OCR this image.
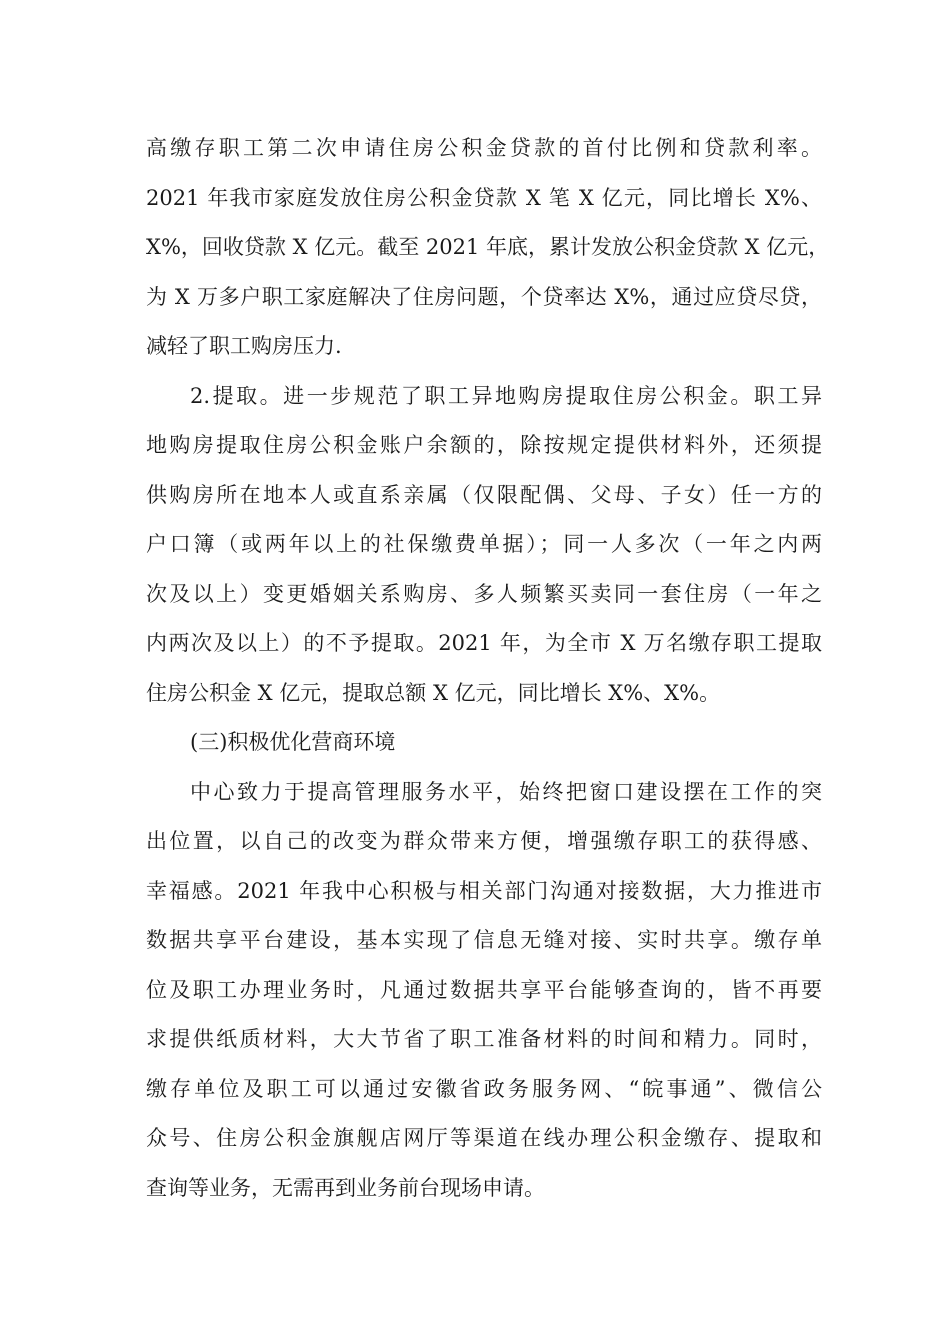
高缴存职工第二次申请住房公积金贷款的首付比例和贷款利率。
2021 年我市家庭发放住房公积金贷款 X 笔 X 亿元，同比增长 X%、
X%，回收贷款 X 亿元。截至 2021 年底，累计发放公积金贷款 X 亿元，
为 X 万多户职工家庭解决了住房问题，个贷率达 X%，通过应贷尽贷，
减轻了职工购房压力.
2.提取。进一步规范了职工异地购房提取住房公积金。职工异
地购房提取住房公积金账户余额的，除按规定提供材料外，还须提
供购房所在地本人或直系亲属（仅限配偶、父母、子女）任一方的
户口簿（或两年以上的社保缴费单据）；同一人多次（一年之内两
次及以上）变更婚姻关系购房、多人频繁买卖同一套住房（一年之
内两次及以上）的不予提取。2021 年，为全市 X 万名缴存职工提取
住房公积金 X 亿元，提取总额 X 亿元，同比增长 X%、X%。
(三)积极优化营商环境
中心致力于提高管理服务水平，始终把窗口建设摆在工作的突
出位置，以自己的改变为群众带来方便，增强缴存职工的获得感、
幸福感。2021 年我中心积极与相关部门沟通对接数据，大力推进市
数据共享平台建设，基本实现了信息无缝对接、实时共享。缴存单
位及职工办理业务时，凡通过数据共享平台能够查询的，皆不再要
求提供纸质材料，大大节省了职工准备材料的时间和精力。同时，
缴存单位及职工可以通过安徽省政务服务网、“皖事通”、微信公
众号、住房公积金旗舰店网厅等渠道在线办理公积金缴存、提取和
查询等业务，无需再到业务前台现场申请。
